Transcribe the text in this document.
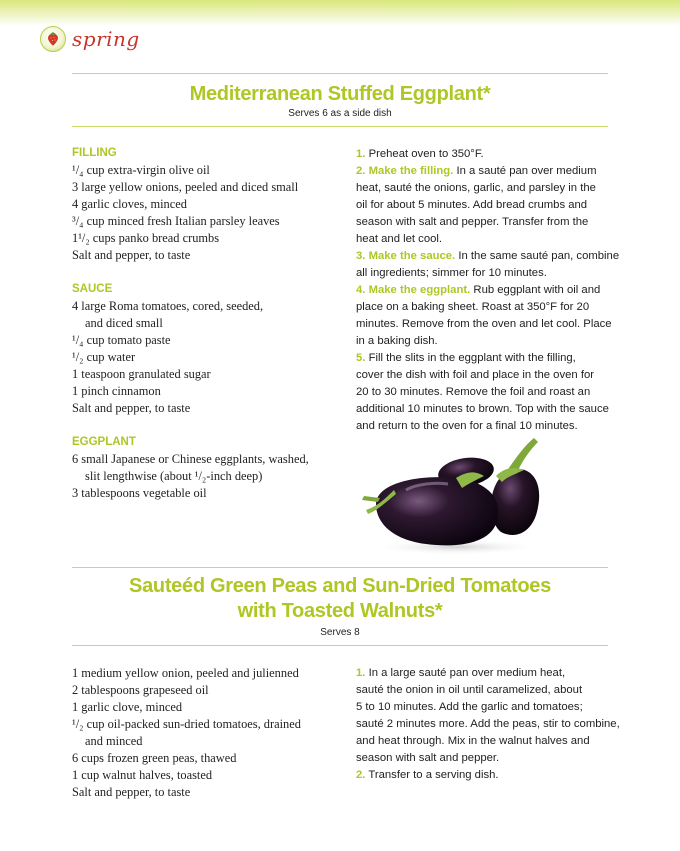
spring
Mediterranean Stuffed Eggplant*
Serves 6 as a side dish

FILLING

¹/₄ cup extra-virgin olive oil

3 large yellow onions, peeled and diced small

4 garlic cloves, minced

³/₄ cup minced fresh Italian parsley leaves

1¹/₂ cups panko bread crumbs

Salt and pepper, to taste

SAUCE

4 large Roma tomatoes, cored, seeded,

and diced small

¹/₄ cup tomato paste

¹/₂ cup water

1 teaspoon granulated sugar

1 pinch cinnamon

Salt and pepper, to taste

EGGPLANT

6 small Japanese or Chinese eggplants, washed,

slit lengthwise (about ¹/₂-inch deep)

3 tablespoons vegetable oil

1. Preheat oven to 350°F.

2. Make the filling. In a sauté pan over medium

heat, sauté the onions, garlic, and parsley in the

oil for about 5 minutes. Add bread crumbs and

season with salt and pepper. Transfer from the

heat and let cool.

3. Make the sauce. In the same sauté pan, combine

all ingredients; simmer for 10 minutes.

4. Make the eggplant. Rub eggplant with oil and

place on a baking sheet. Roast at 350°F for 20

minutes. Remove from the oven and let cool. Place

in a baking dish.

5. Fill the slits in the eggplant with the filling,

cover the dish with foil and place in the oven for

20 to 30 minutes. Remove the foil and roast an

additional 10 minutes to brown. Top with the sauce

and return to the oven for a final 10 minutes.

Sauteéd Green Peas and Sun-Dried Tomatoes
with Toasted Walnuts*
Serves 8

1 medium yellow onion, peeled and julienned

2 tablespoons grapeseed oil

1 garlic clove, minced

¹/₂ cup oil-packed sun-dried tomatoes, drained

and minced

6 cups frozen green peas, thawed

1 cup walnut halves, toasted

Salt and pepper, to taste

1. In a large sauté pan over medium heat,

sauté the onion in oil until caramelized, about

5 to 10 minutes. Add the garlic and tomatoes;

sauté 2 minutes more. Add the peas, stir to combine,

and heat through. Mix in the walnut halves and

season with salt and pepper.

2. Transfer to a serving dish.
